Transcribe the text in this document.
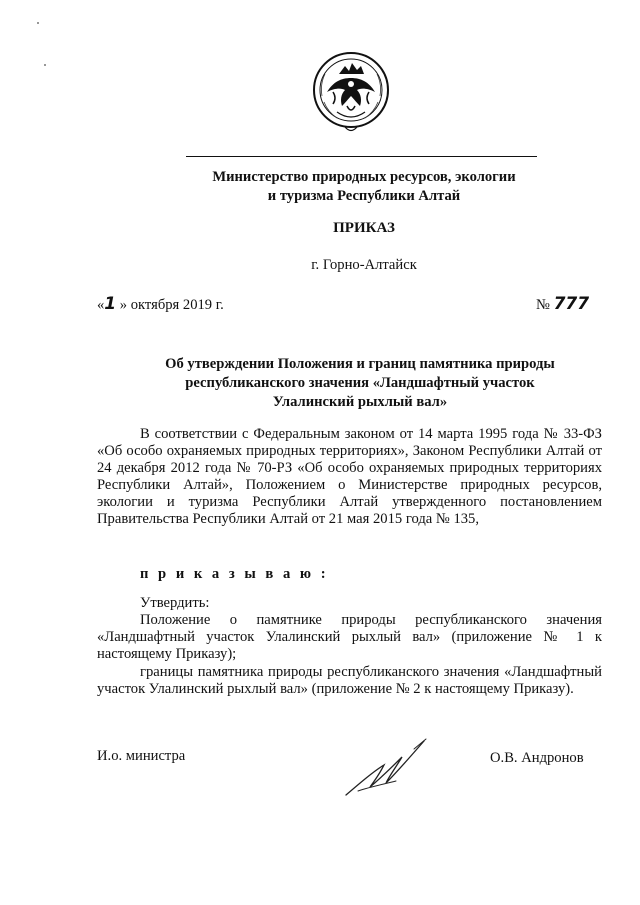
Министерство природных ресурсов, экологии
и туризма Республики Алтай
ПРИКАЗ
г. Горно-Алтайск
«1 » октября 2019 г.	№ 777
Об утверждении Положения и границ памятника природы
республиканского значения «Ландшафтный участок
Улалинский рыхлый вал»
В соответствии с Федеральным законом от 14 марта 1995 года № 33-ФЗ «Об особо охраняемых природных территориях», Законом Республики Алтай от 24 декабря 2012 года № 70-РЗ «Об особо охраняемых природных территориях Республики Алтай», Положением о Министерстве природных ресурсов, экологии и туризма Республики Алтай утвержденного постановлением Правительства Республики Алтай от 21 мая 2015 года № 135,
п р и к а з ы в а ю :
Утвердить:
Положение о памятнике природы республиканского значения «Ландшафтный участок Улалинский рыхлый вал» (приложение № 1 к настоящему Приказу);
границы памятника природы республиканского значения «Ландшафтный участок Улалинский рыхлый вал» (приложение № 2 к настоящему Приказу).
И.о. министра	О.В. Андронов
